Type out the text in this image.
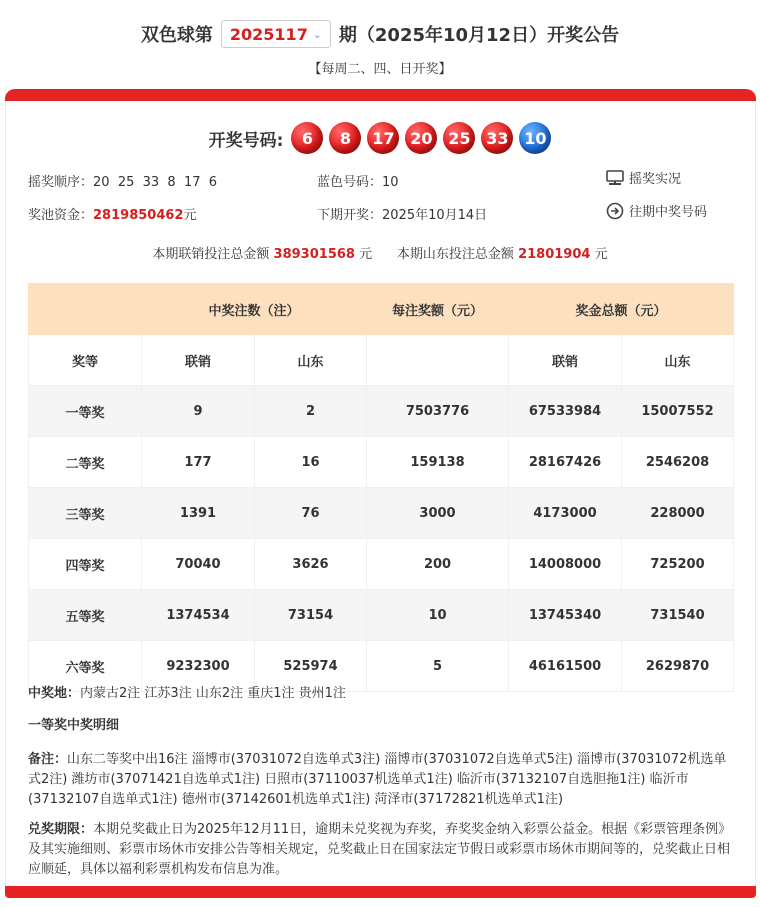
双色球第 2025117 ⌄ 期（2025年10月12日）开奖公告
【每周二、四、日开奖】
开奖号码:	6	8	17 20 25 33 10
摇奖顺序：20  25  33  8  17  6	蓝色号码：10	摇奖实况
奖池资金：2819850462元	下期开奖：2025年10月14日	往期中奖号码
本期联销投注总金额 389301568 元 本期山东投注总金额 21801904 元
	中奖注数（注）		每注奖额（元）	奖金总额（元）	
奖等	联销	山东		联销	山东
一等奖	9	2	7503776	67533984	15007552
二等奖	177	16	159138	28167426	2546208
三等奖	1391	76	3000	4173000	228000
四等奖	70040	3626	200	14008000	725200
五等奖	1374534	73154	10	13745340	731540
六等奖	9232300	525974	5	46161500	2629870
中奖地：内蒙古2注 江苏3注 山东2注 重庆1注 贵州1注
一等奖中奖明细
备注：山东二等奖中出16注 淄博市(37031072自选单式3注) 淄博市(37031072自选单式5注) 淄博市(37031072机选单式2注) 潍坊市(37071421自选单式1注) 日照市(37110037机选单式1注) 临沂市(37132107自选胆拖1注) 临沂市(37132107自选单式1注) 德州市(37142601机选单式1注) 菏泽市(37172821机选单式1注)
兑奖期限：本期兑奖截止日为2025年12月11日，逾期未兑奖视为弃奖，弃奖奖金纳入彩票公益金。根据《彩票管理条例》及其实施细则、彩票市场休市安排公告等相关规定，兑奖截止日在国家法定节假日或彩票市场休市期间等的，兑奖截止日相应顺延，具体以福利彩票机构发布信息为准。
